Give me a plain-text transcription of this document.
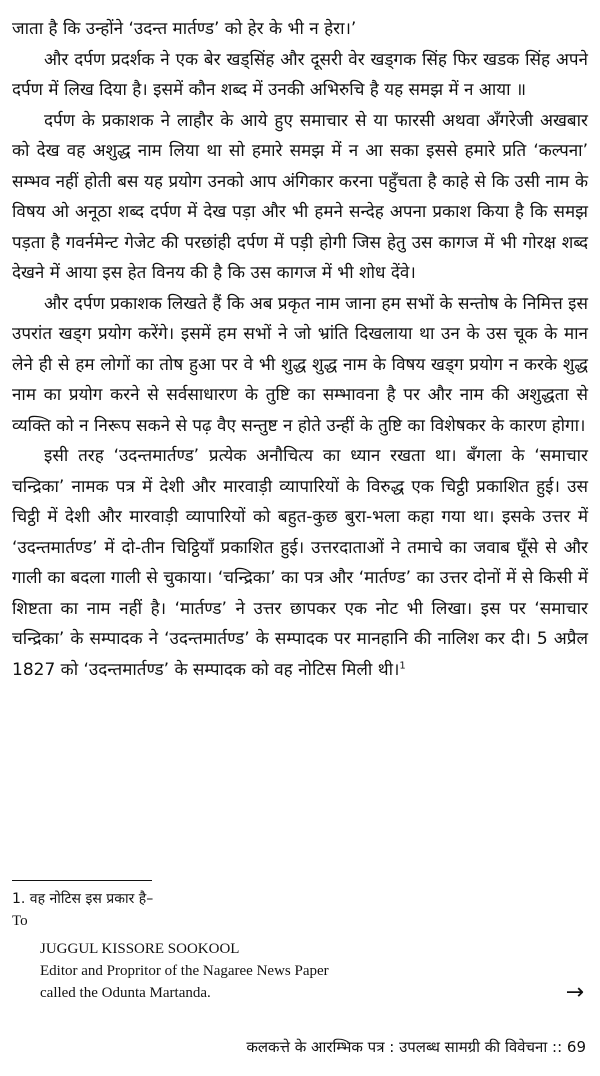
जाता है कि उन्होंने ‘उदन्त मार्तण्ड’ को हेर के भी न हेरा।’

और दर्पण प्रदर्शक ने एक बेर खड्सिंह और दूसरी वेर खड्गक सिंह फिर खडक सिंह अपने दर्पण में लिख दिया है। इसमें कौन शब्द में उनकी अभिरुचि है यह समझ में न आया ॥

दर्पण के प्रकाशक ने लाहौर के आये हुए समाचार से या फारसी अथवा अँगरेजी अखबार को देख वह अशुद्ध नाम लिया था सो हमारे समझ में न आ सका इससे हमारे प्रति ‘कल्पना’ सम्भव नहीं होती बस यह प्रयोग उनको आप अंगिकार करना पहुँचता है काहे से कि उसी नाम के विषय ओ अनूठा शब्द दर्पण में देख पड़ा और भी हमने सन्देह अपना प्रकाश किया है कि समझ पड़ता है गवर्नमेन्ट गेजेट की परछांही दर्पण में पड़ी होगी जिस हेतु उस कागज में भी गोरक्ष शब्द देखने में आया इस हेत विनय की है कि उस कागज में भी शोध देंवे।

और दर्पण प्रकाशक लिखते हैं कि अब प्रकृत नाम जाना हम सभों के सन्तोष के निमित्त इस उपरांत खड्ग प्रयोग करेंगे। इसमें हम सभों ने जो भ्रांति दिखलाया था उन के उस चूक के मान लेने ही से हम लोगों का तोष हुआ पर वे भी शुद्ध शुद्ध नाम के विषय खड्ग प्रयोग न करके शुद्ध नाम का प्रयोग करने से सर्वसाधारण के तुष्टि का सम्भावना है पर और नाम की अशुद्धता से व्यक्ति को न निरूप सकने से पढ़ वैए सन्तुष्ट न होते उन्हीं के तुष्टि का विशेषकर के कारण होगा।

इसी तरह ‘उदन्तमार्तण्ड’ प्रत्येक अनौचित्य का ध्यान रखता था। बँगला के ‘समाचार चन्द्रिका’ नामक पत्र में देशी और मारवाड़ी व्यापारियों के विरुद्ध एक चिट्ठी प्रकाशित हुई। उस चिट्ठी में देशी और मारवाड़ी व्यापारियों को बहुत-कुछ बुरा-भला कहा गया था। इसके उत्तर में ‘उदन्तमार्तण्ड’ में दो-तीन चिट्ठियाँ प्रकाशित हुई। उत्तरदाताओं ने तमाचे का जवाब घूँसे से और गाली का बदला गाली से चुकाया। ‘चन्द्रिका’ का पत्र और ‘मार्तण्ड’ का उत्तर दोनों में से किसी में शिष्टता का नाम नहीं है। ‘मार्तण्ड’ ने उत्तर छापकर एक नोट भी लिखा। इस पर ‘समाचार चन्द्रिका’ के सम्पादक ने ‘उदन्तमार्तण्ड’ के सम्पादक पर मानहानि की नालिश कर दी। 5 अप्रैल 1827 को ‘उदन्तमार्तण्ड’ के सम्पादक को वह नोटिस मिली थी।$^1$

1. वह नोटिस इस प्रकार है–

To

JUGGUL KISSORE SOOKOOL

Editor and Propritor of the Nagaree News Paper

called the Odunta Martanda.	→
कलकत्ते के आरम्भिक पत्र : उपलब्ध सामग्री की विवेचना :: 69
